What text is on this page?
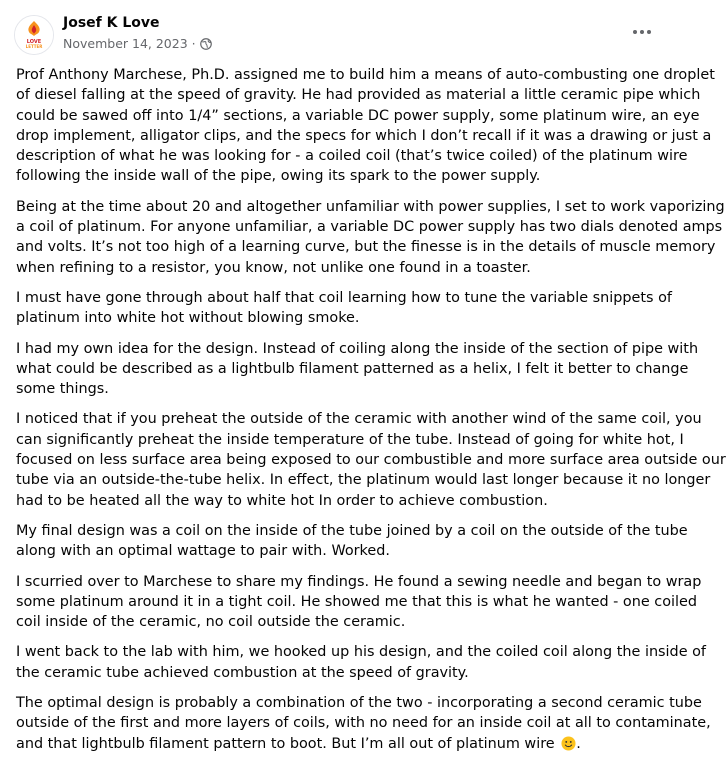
LOVE
LETTER
Josef K Love
November 14, 2023 ·

Prof Anthony Marchese, Ph.D. assigned me to build him a means of auto-combusting one droplet
of diesel falling at the speed of gravity. He had provided as material a little ceramic pipe which
could be sawed off into 1/4” sections, a variable DC power supply, some platinum wire, an eye
drop implement, alligator clips, and the specs for which I don’t recall if it was a drawing or just a
description of what he was looking for - a coiled coil (that’s twice coiled) of the platinum wire
following the inside wall of the pipe, owing its spark to the power supply.

Being at the time about 20 and altogether unfamiliar with power supplies, I set to work vaporizing
a coil of platinum. For anyone unfamiliar, a variable DC power supply has two dials denoted amps
and volts. It’s not too high of a learning curve, but the finesse is in the details of muscle memory
when refining to a resistor, you know, not unlike one found in a toaster.

I must have gone through about half that coil learning how to tune the variable snippets of
platinum into white hot without blowing smoke.

I had my own idea for the design. Instead of coiling along the inside of the section of pipe with
what could be described as a lightbulb filament patterned as a helix, I felt it better to change
some things.

I noticed that if you preheat the outside of the ceramic with another wind of the same coil, you
can significantly preheat the inside temperature of the tube. Instead of going for white hot, I
focused on less surface area being exposed to our combustible and more surface area outside our
tube via an outside-the-tube helix. In effect, the platinum would last longer because it no longer
had to be heated all the way to white hot In order to achieve combustion.

My final design was a coil on the inside of the tube joined by a coil on the outside of the tube
along with an optimal wattage to pair with. Worked.

I scurried over to Marchese to share my findings. He found a sewing needle and began to wrap
some platinum around it in a tight coil. He showed me that this is what he wanted - one coiled
coil inside of the ceramic, no coil outside the ceramic.

I went back to the lab with him, we hooked up his design, and the coiled coil along the inside of
the ceramic tube achieved combustion at the speed of gravity.

The optimal design is probably a combination of the two - incorporating a second ceramic tube
outside of the first and more layers of coils, with no need for an inside coil at all to contaminate,
and that lightbulb filament pattern to boot. But I’m all out of platinum wire .
